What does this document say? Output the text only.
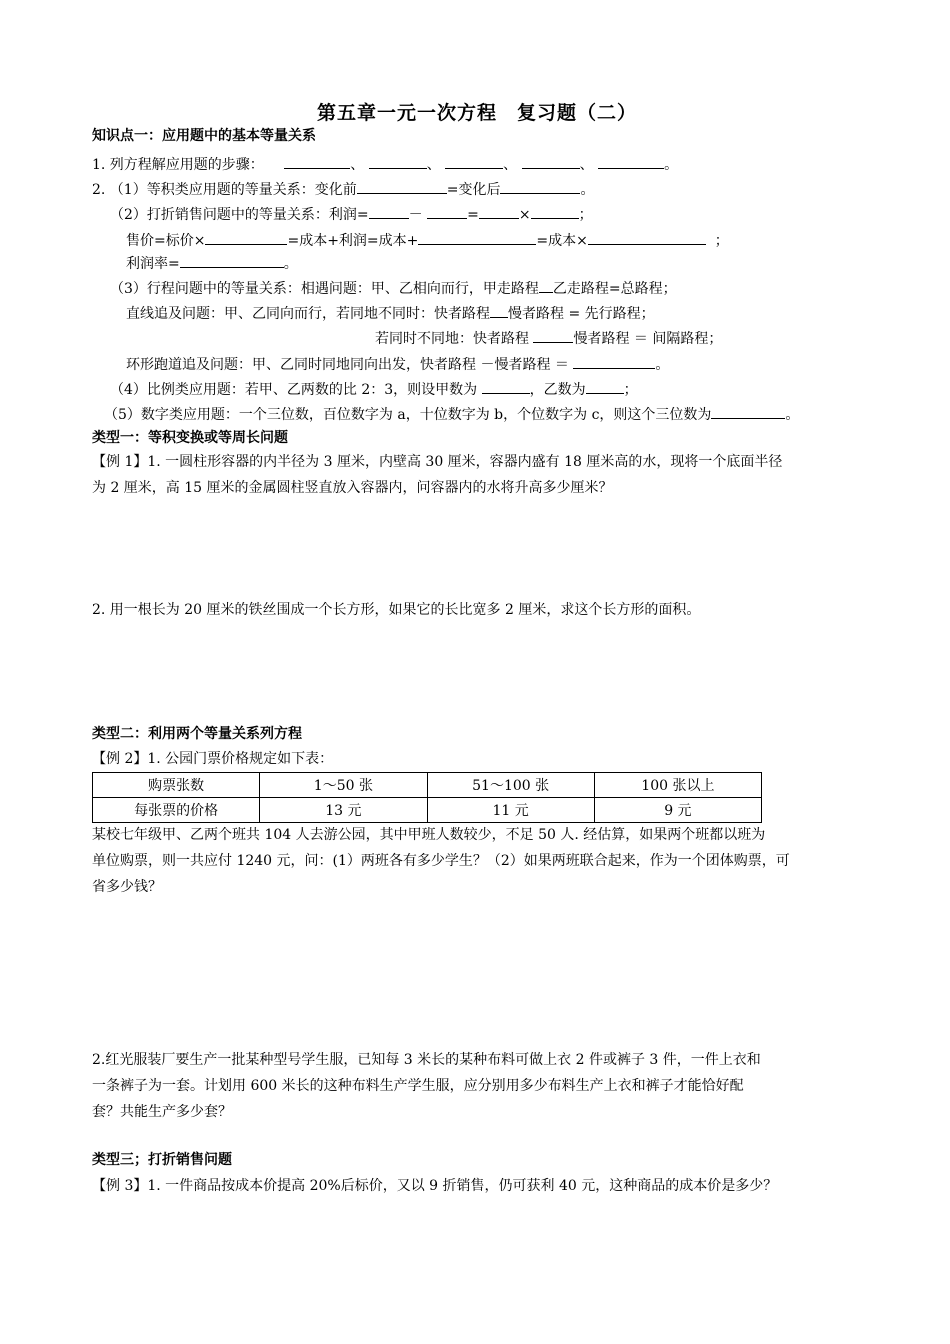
第五章一元一次方程　复习题（二）
知识点一：应用题中的基本等量关系
1. 列方程解应用题的步骤：	、	、	、	、	。
2. （1）等积类应用题的等量关系：变化前	=变化后	。
（2）打折销售问题中的等量关系：利润=	－	=	×	；
售价=标价×	=成本+利润=成本+	=成本×	；
利润率=	。
（3）行程问题中的等量关系：相遇问题：甲、乙相向而行，甲走路程 乙走路程=总路程；
直线追及问题：甲、乙同向而行，若同地不同时：快者路程 慢者路程 = 先行路程；
若同时不同地：快者路程	慢者路程 ＝ 间隔路程；
环形跑道追及问题：甲、乙同时同地同向出发，快者路程 －慢者路程 ＝	。
（4）比例类应用题：若甲、乙两数的比 2：3，则设甲数为	，乙数为	；
（5）数字类应用题：一个三位数，百位数字为 a，十位数字为 b，个位数字为 c，则这个三位数为	。
类型一：等积变换或等周长问题
【例 1】1. 一圆柱形容器的内半径为 3 厘米，内壁高 30 厘米，容器内盛有 18 厘米高的水，现将一个底面半径
为 2 厘米，高 15 厘米的金属圆柱竖直放入容器内，问容器内的水将升高多少厘米？
2. 用一根长为 20 厘米的铁丝围成一个长方形，如果它的长比宽多 2 厘米，求这个长方形的面积。
类型二：利用两个等量关系列方程
【例 2】1. 公园门票价格规定如下表：
购票张数	1～50 张	51～100 张	100 张以上
每张票的价格	13 元	11 元	9 元
某校七年级甲、乙两个班共 104 人去游公园，其中甲班人数较少，不足 50 人. 经估算，如果两个班都以班为
单位购票，则一共应付 1240 元，问：(1）两班各有多少学生？（2）如果两班联合起来，作为一个团体购票，可
省多少钱？
2.红光服装厂要生产一批某种型号学生服，已知每 3 米长的某种布料可做上衣 2 件或裤子 3 件，一件上衣和
一条裤子为一套。计划用 600 米长的这种布料生产学生服，应分别用多少布料生产上衣和裤子才能恰好配
套？共能生产多少套？
类型三；打折销售问题
【例 3】1. 一件商品按成本价提高 20%后标价，又以 9 折销售，仍可获利 40 元，这种商品的成本价是多少？
